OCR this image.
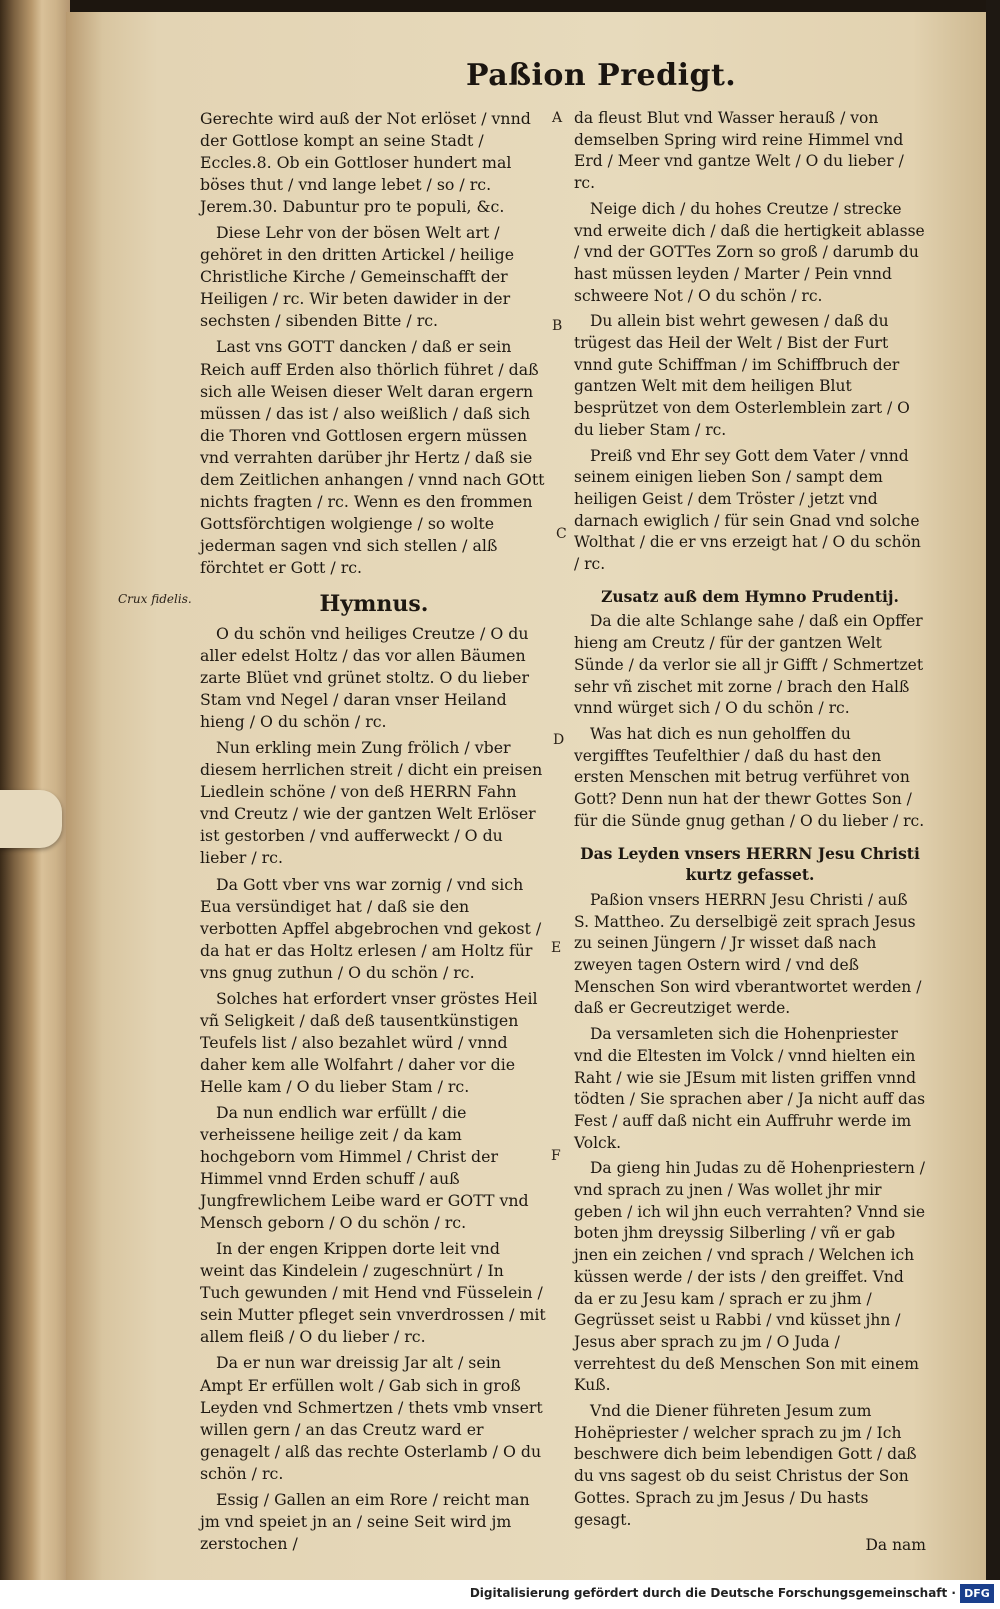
Paßion Predigt.
Crux fidelis.
A
B
C
D
E
F

Gerechte wird auß der Not erlöset / vnnd der Gottlose kompt an seine Stadt / Eccles.8. Ob ein Gottloser hundert mal böses thut / vnd lange lebet / so / rc. Jerem.30. Dabuntur pro te populi, &c.

Diese Lehr von der bösen Welt art / gehöret in den dritten Artickel / heilige Christliche Kirche / Gemeinschafft der Heiligen / rc. Wir beten dawider in der sechsten / sibenden Bitte / rc.

Last vns GOTT dancken / daß er sein Reich auff Erden also thörlich führet / daß sich alle Weisen dieser Welt daran ergern müssen / das ist / also weißlich / daß sich die Thoren vnd Gottlosen ergern müssen vnd verrahten darüber jhr Hertz / daß sie dem Zeitlichen anhangen / vnnd nach GOtt nichts fragten / rc. Wenn es den frommen Gottsförchtigen wolgienge / so wolte jederman sagen vnd sich stellen / alß förchtet er Gott / rc.

Hymnus.

O du schön vnd heiliges Creutze / O du aller edelst Holtz / das vor allen Bäumen zarte Blüet vnd grünet stoltz. O du lieber Stam vnd Negel / daran vnser Heiland hieng / O du schön / rc.

Nun erkling mein Zung frölich / vber diesem herrlichen streit / dicht ein preisen Liedlein schöne / von deß HERRN Fahn vnd Creutz / wie der gantzen Welt Erlöser ist gestorben / vnd aufferweckt / O du lieber / rc.

Da Gott vber vns war zornig / vnd sich Eua versündiget hat / daß sie den verbotten Apffel abgebrochen vnd gekost / da hat er das Holtz erlesen / am Holtz für vns gnug zuthun / O du schön / rc.

Solches hat erfordert vnser gröstes Heil vñ Seligkeit / daß deß tausentkünstigen Teufels list / also bezahlet würd / vnnd daher kem alle Wolfahrt / daher vor die Helle kam / O du lieber Stam / rc.

Da nun endlich war erfüllt / die verheissene heilige zeit / da kam hochgeborn vom Himmel / Christ der Himmel vnnd Erden schuff / auß Jungfrewlichem Leibe ward er GOTT vnd Mensch geborn / O du schön / rc.

In der engen Krippen dorte leit vnd weint das Kindelein / zugeschnürt / In Tuch gewunden / mit Hend vnd Füsselein / sein Mutter pfleget sein vnverdrossen / mit allem fleiß / O du lieber / rc.

Da er nun war dreissig Jar alt / sein Ampt Er erfüllen wolt / Gab sich in groß Leyden vnd Schmertzen / thets vmb vnsert willen gern / an das Creutz ward er genagelt / alß das rechte Osterlamb / O du schön / rc.

Essig / Gallen an eim Rore / reicht man jm vnd speiet jn an / seine Seit wird jm zerstochen /

da fleust Blut vnd Wasser herauß / von demselben Spring wird reine Himmel vnd Erd / Meer vnd gantze Welt / O du lieber / rc.

Neige dich / du hohes Creutze / strecke vnd erweite dich / daß die hertigkeit ablasse / vnd der GOTTes Zorn so groß / darumb du hast müssen leyden / Marter / Pein vnnd schweere Not / O du schön / rc.

Du allein bist wehrt gewesen / daß du trügest das Heil der Welt / Bist der Furt vnnd gute Schiffman / im Schiffbruch der gantzen Welt mit dem heiligen Blut besprützet von dem Osterlemblein zart / O du lieber Stam / rc.

Preiß vnd Ehr sey Gott dem Vater / vnnd seinem einigen lieben Son / sampt dem heiligen Geist / dem Tröster / jetzt vnd darnach ewiglich / für sein Gnad vnd solche Wolthat / die er vns erzeigt hat / O du schön / rc.

Zusatz auß dem Hymno Prudentij.

Da die alte Schlange sahe / daß ein Opffer hieng am Creutz / für der gantzen Welt Sünde / da verlor sie all jr Gifft / Schmertzet sehr vñ zischet mit zorne / brach den Halß vnnd würget sich / O du schön / rc.

Was hat dich es nun geholffen du vergifftes Teufelthier / daß du hast den ersten Menschen mit betrug verführet von Gott? Denn nun hat der thewr Gottes Son / für die Sünde gnug gethan / O du lieber / rc.

Das Leyden vnsers HERRN Jesu Christi kurtz gefasset.

Paßion vnsers HERRN Jesu Christi / auß S. Mattheo. Zu derselbigë zeit sprach Jesus zu seinen Jüngern / Jr wisset daß nach zweyen tagen Ostern wird / vnd deß Menschen Son wird vberantwortet werden / daß er Gecreutziget werde.

Da versamleten sich die Hohenpriester vnd die Eltesten im Volck / vnnd hielten ein Raht / wie sie JEsum mit listen griffen vnnd tödten / Sie sprachen aber / Ja nicht auff das Fest / auff daß nicht ein Auffruhr werde im Volck.

Da gieng hin Judas zu dẽ Hohenpriestern / vnd sprach zu jnen / Was wollet jhr mir geben / ich wil jhn euch verrahten? Vnnd sie boten jhm dreyssig Silberling / vñ er gab jnen ein zeichen / vnd sprach / Welchen ich küssen werde / der ists / den greiffet. Vnd da er zu Jesu kam / sprach er zu jhm / Gegrüsset seist u Rabbi / vnd küsset jhn / Jesus aber sprach zu jm / O Juda / verrehtest du deß Menschen Son mit einem Kuß.

Vnd die Diener führeten Jesum zum Hohëpriester / welcher sprach zu jm / Ich beschwere dich beim lebendigen Gott / daß du vns sagest ob du seist Christus der Son Gottes. Sprach zu jm Jesus / Du hasts gesagt.

Da nam

Digitalisierung gefördert durch die Deutsche Forschungsgemeinschaft · DFG
